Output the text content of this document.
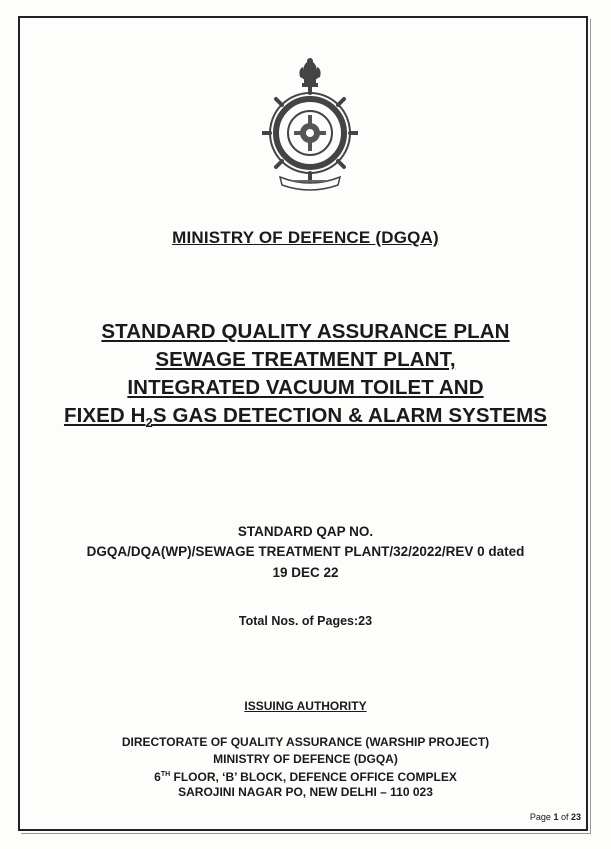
MINISTRY OF DEFENCE (DGQA)
STANDARD QUALITY ASSURANCE PLAN
SEWAGE TREATMENT PLANT,
INTEGRATED VACUUM TOILET AND
FIXED $H_2S$ GAS DETECTION & ALARM SYSTEMS
STANDARD QAP NO.
DGQA/DQA(WP)/SEWAGE TREATMENT PLANT/32/2022/REV 0 dated
19 DEC 22
Total Nos. of Pages:23
ISSUING AUTHORITY
DIRECTORATE OF QUALITY ASSURANCE (WARSHIP PROJECT)
MINISTRY OF DEFENCE (DGQA)
6TH FLOOR, ‘B’ BLOCK, DEFENCE OFFICE COMPLEX
SAROJINI NAGAR PO, NEW DELHI – 110 023
Page 1 of 23
